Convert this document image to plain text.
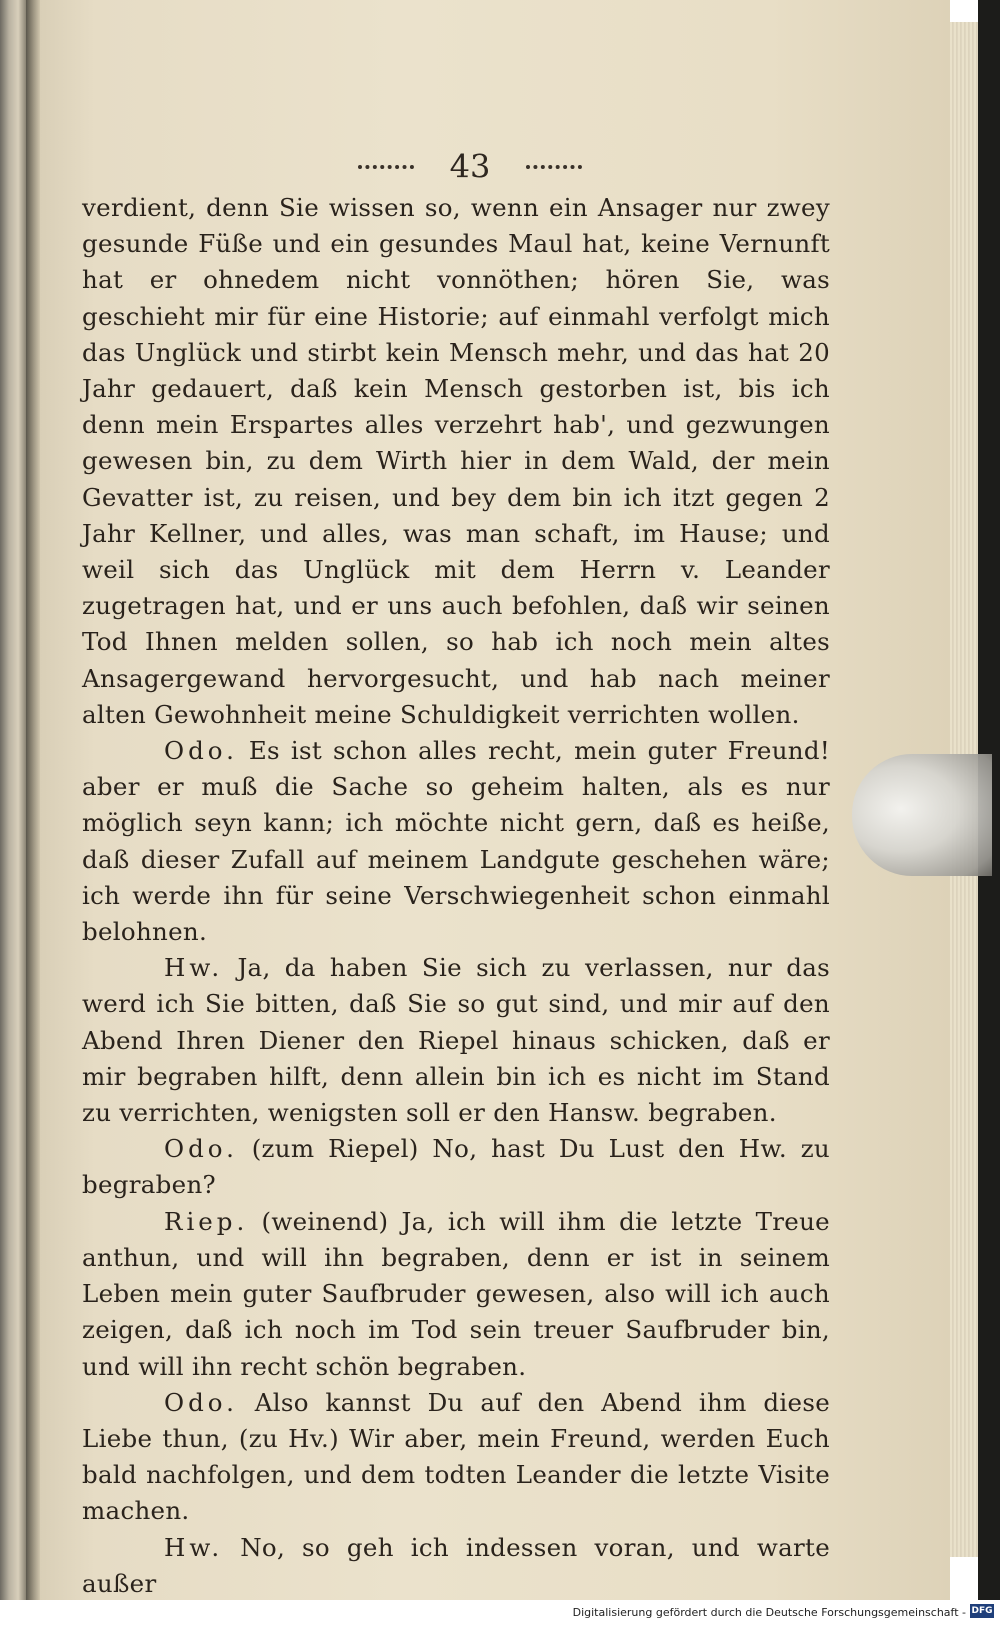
43

verdient, denn Sie wissen so, wenn ein Ansager nur zwey gesunde Füße und ein gesundes Maul hat, keine Vernunft hat er ohnedem nicht vonnöthen; hören Sie, was geschieht mir für eine Historie; auf einmahl verfolgt mich das Unglück und stirbt kein Mensch mehr, und das hat 20 Jahr gedauert, daß kein Mensch gestorben ist, bis ich denn mein Erspartes alles verzehrt hab', und gezwungen gewesen bin, zu dem Wirth hier in dem Wald, der mein Gevatter ist, zu reisen, und bey dem bin ich itzt gegen 2 Jahr Kellner, und alles, was man schaft, im Hause; und weil sich das Unglück mit dem Herrn v. Leander zugetragen hat, und er uns auch befohlen, daß wir seinen Tod Ihnen melden sollen, so hab ich noch mein altes Ansagergewand hervorgesucht, und hab nach meiner alten Gewohnheit meine Schuldigkeit verrichten wollen.

Odo. Es ist schon alles recht, mein guter Freund! aber er muß die Sache so geheim halten, als es nur möglich seyn kann; ich möchte nicht gern, daß es heiße, daß dieser Zufall auf meinem Landgute geschehen wäre; ich werde ihn für seine Verschwiegenheit schon einmahl belohnen.

Hw. Ja, da haben Sie sich zu verlassen, nur das werd ich Sie bitten, daß Sie so gut sind, und mir auf den Abend Ihren Diener den Riepel hinaus schicken, daß er mir begraben hilft, denn allein bin ich es nicht im Stand zu verrichten, wenigsten soll er den Hansw. begraben.

Odo. (zum Riepel) No, hast Du Lust den Hw. zu begraben?

Riep. (weinend) Ja, ich will ihm die letzte Treue anthun, und will ihn begraben, denn er ist in seinem Leben mein guter Saufbruder gewesen, also will ich auch zeigen, daß ich noch im Tod sein treuer Saufbruder bin, und will ihn recht schön begraben.

Odo. Also kannst Du auf den Abend ihm diese Liebe thun, (zu Hv.) Wir aber, mein Freund, werden Euch bald nachfolgen, und dem todten Leander die letzte Visite machen.

Hw. No, so geh ich indessen voran, und warte außer

Digitalisierung gefördert durch die Deutsche Forschungsgemeinschaft - DFG
